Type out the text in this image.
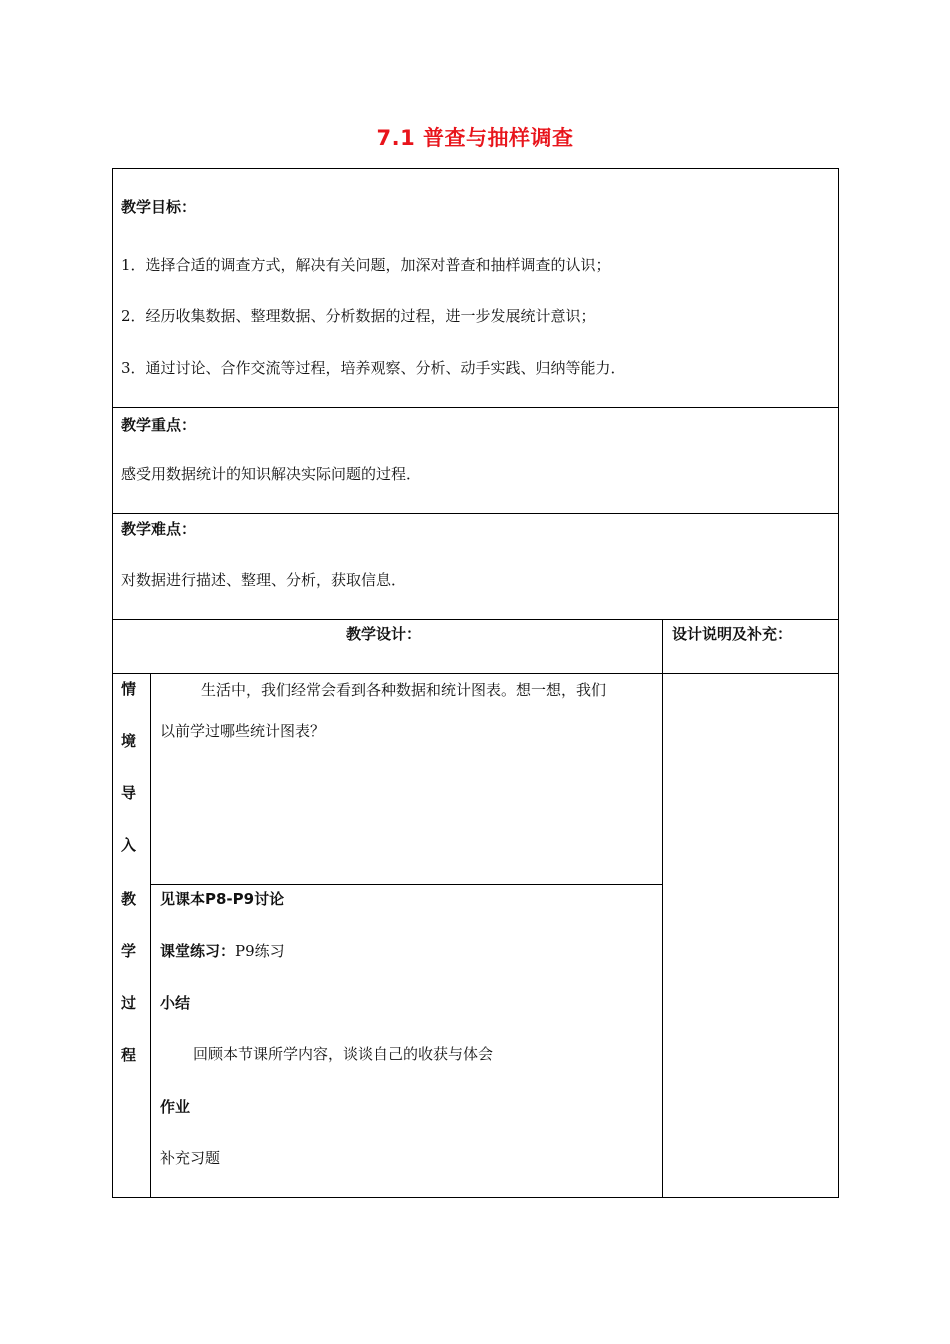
7.1 普查与抽样调查
教学目标：
1．选择合适的调查方式，解决有关问题，加深对普查和抽样调查的认识；
2．经历收集数据、整理数据、分析数据的过程，进一步发展统计意识；
3．通过讨论、合作交流等过程，培养观察、分析、动手实践、归纳等能力．
教学重点：
感受用数据统计的知识解决实际问题的过程．
教学难点：
对数据进行描述、整理、分析，获取信息．
教学设计：	设计说明及补充：
情
境
导
入
生活中，我们经常会看到各种数据和统计图表。想一想，我们
以前学过哪些统计图表？
教
学
过
程
见课本P8-P9讨论
课堂练习：P9练习
小结
回顾本节课所学内容，谈谈自己的收获与体会
作业
补充习题
